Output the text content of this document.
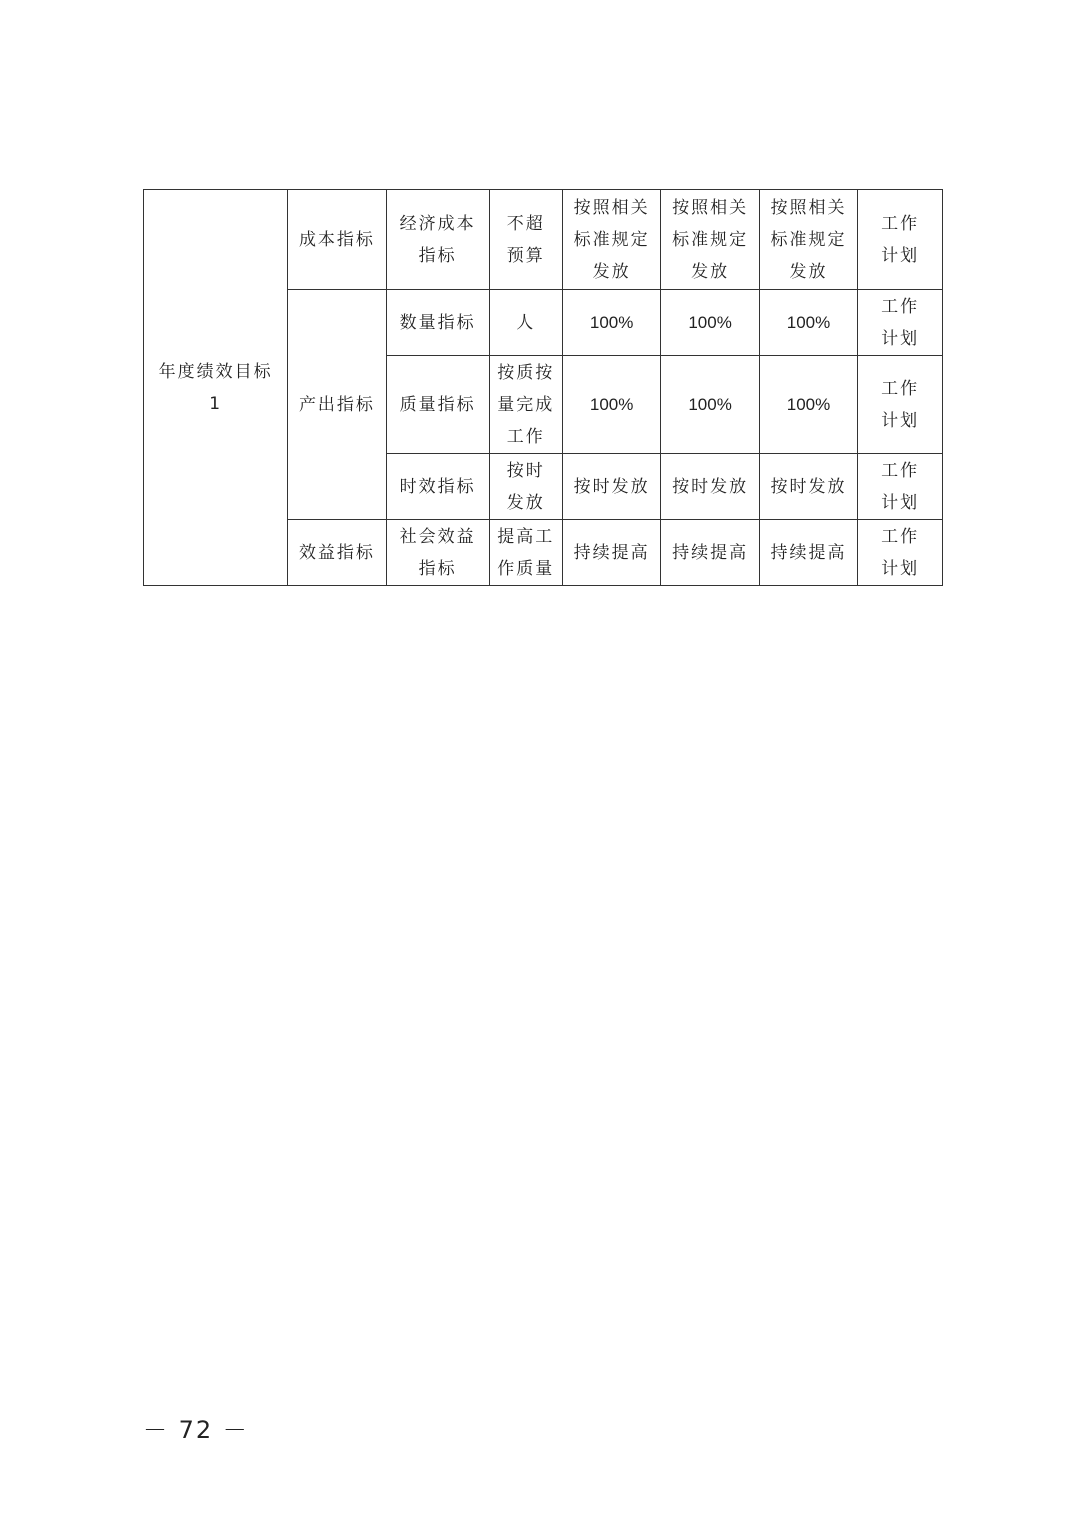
年度绩效目标1	成本指标	经济成本指标	不超预算	按照相关标准规定发放	按照相关标准规定发放	按照相关标准规定发放	工作计划

	产出指标	数量指标	人	100%	100%	100%	工作计划

		质量指标	按质按量完成工作	100%	100%	100%	工作计划

		时效指标	按时发放	按时发放	按时发放	按时发放	工作计划

	效益指标	社会效益指标	提高工作质量	持续提高	持续提高	持续提高	工作计划
－ 72 －
